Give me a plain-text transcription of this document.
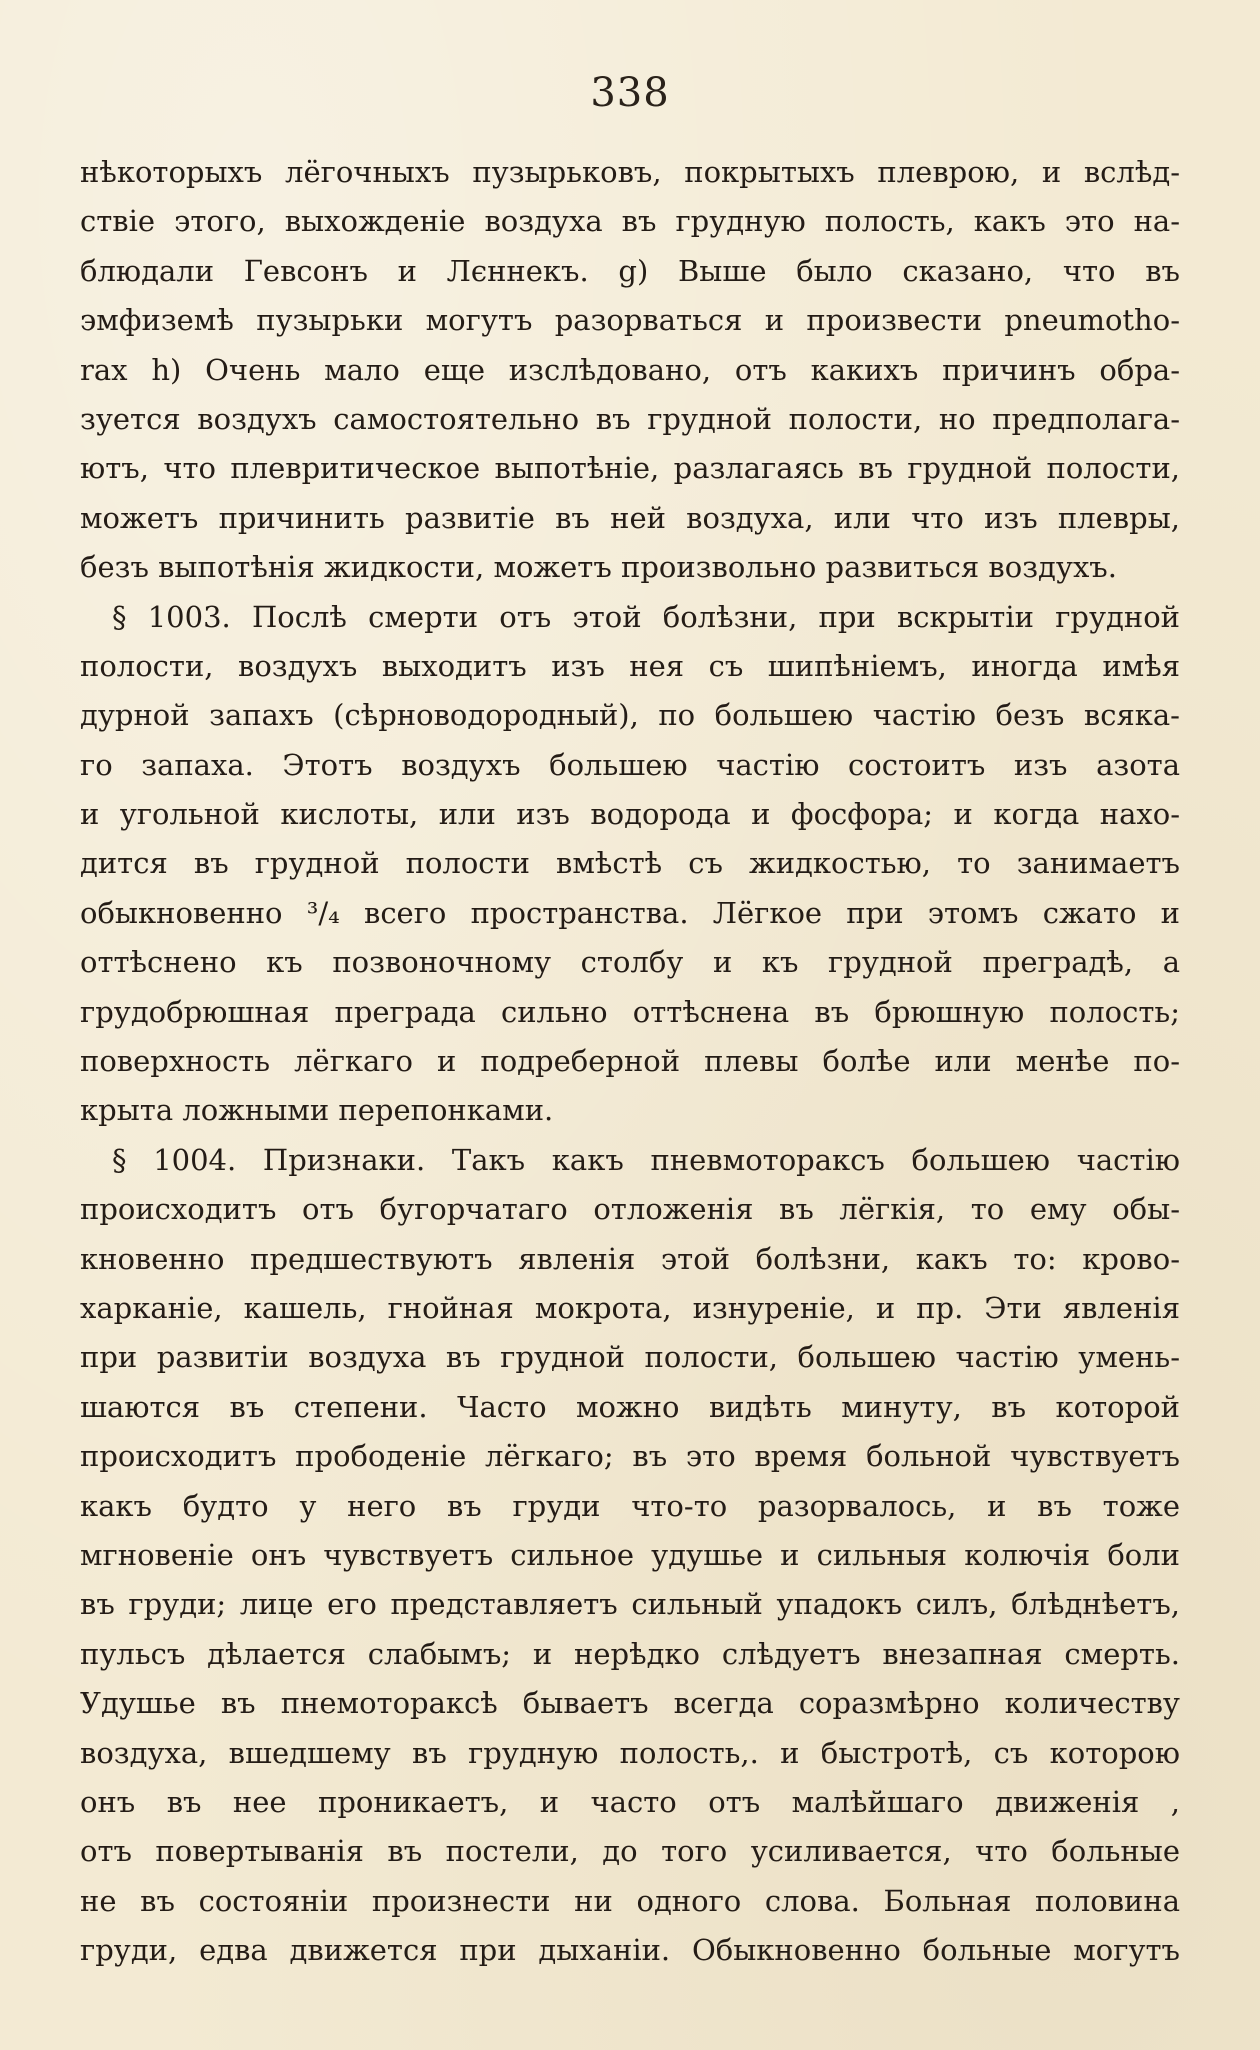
338
нѣкоторыхъ лёгочныхъ пузырьковъ, покрытыхъ плеврою, и вслѣд-
ствіе этого, выхожденіе воздуха въ грудную полость, какъ это на-
блюдали Гевсонъ и Лєннекъ. g) Выше было сказано, что въ
эмфиземѣ пузырьки могутъ разорваться и произвести pneumotho-
rax h) Очень мало еще изслѣдовано, отъ какихъ причинъ обра-
зуется воздухъ самостоятельно въ грудной полости, но предполага-
ютъ, что плевритическое выпотѣніе, разлагаясь въ грудной полости,
можетъ причинить развитіе въ ней воздуха, или что изъ плевры,
безъ выпотѣнія жидкости, можетъ произвольно развиться воздухъ.
§ 1003. Послѣ смерти отъ этой болѣзни, при вскрытіи грудной
полости, воздухъ выходитъ изъ нея съ шипѣніемъ, иногда имѣя
дурной запахъ (сѣрноводородный), по большею частію безъ всяка-
го запаха. Этотъ воздухъ большею частію состоитъ изъ азота
и угольной кислоты, или изъ водорода и фосфора; и когда нахо-
дится въ грудной полости вмѣстѣ съ жидкостью, то занимаетъ
обыкновенно ³/₄ всего пространства. Лёгкое при этомъ сжато и
оттѣснено къ позвоночному столбу и къ грудной преградѣ, а
грудобрюшная преграда сильно оттѣснена въ брюшную полость;
поверхность лёгкаго и подреберной плевы болѣе или менѣе по-
крыта ложными перепонками.
§ 1004. Признаки. Такъ какъ пневмотораксъ большею частію
происходитъ отъ бугорчатаго отложенія въ лёгкія, то ему обы-
кновенно предшествуютъ явленія этой болѣзни, какъ то: крово-
харканіе, кашель, гнойная мокрота, изнуреніе, и пр. Эти явленія
при развитіи воздуха въ грудной полости, большею частію умень-
шаются въ степени. Часто можно видѣть минуту, въ которой
происходитъ прободеніе лёгкаго; въ это время больной чувствуетъ
какъ будто у него въ груди что-то разорвалось, и въ тоже
мгновеніе онъ чувствуетъ сильное удушье и сильныя колючія боли
въ груди; лице его представляетъ сильный упадокъ силъ, блѣднѣетъ,
пульсъ дѣлается слабымъ; и нерѣдко слѣдуетъ внезапная смерть.
Удушье въ пнемотораксѣ бываетъ всегда соразмѣрно количеству
воздуха, вшедшему въ грудную полость,. и быстротѣ, съ которою
онъ въ нее проникаетъ, и часто отъ малѣйшаго движенія ,
отъ повертыванія въ постели, до того усиливается, что больные
не въ состояніи произнести ни одного слова. Больная половина
груди, едва движется при дыханіи. Обыкновенно больные могутъ
